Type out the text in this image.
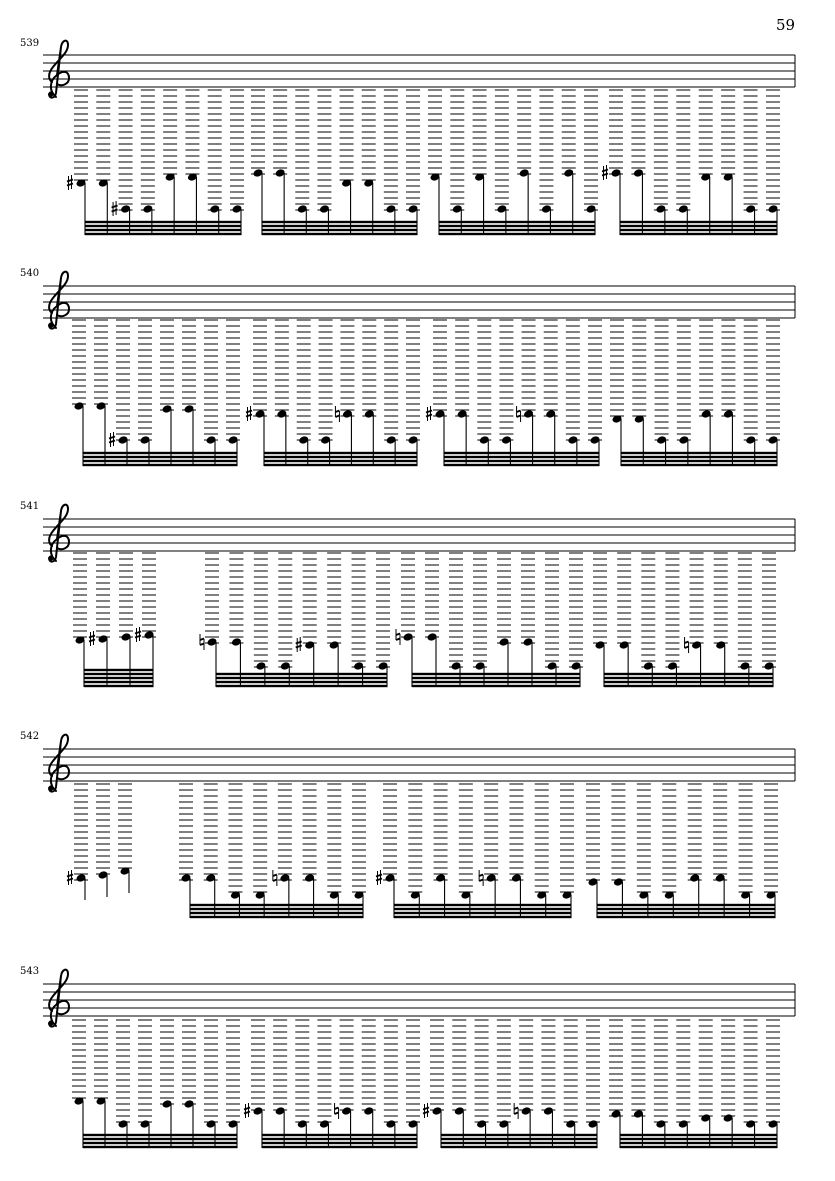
59
539
540
541
542
543
